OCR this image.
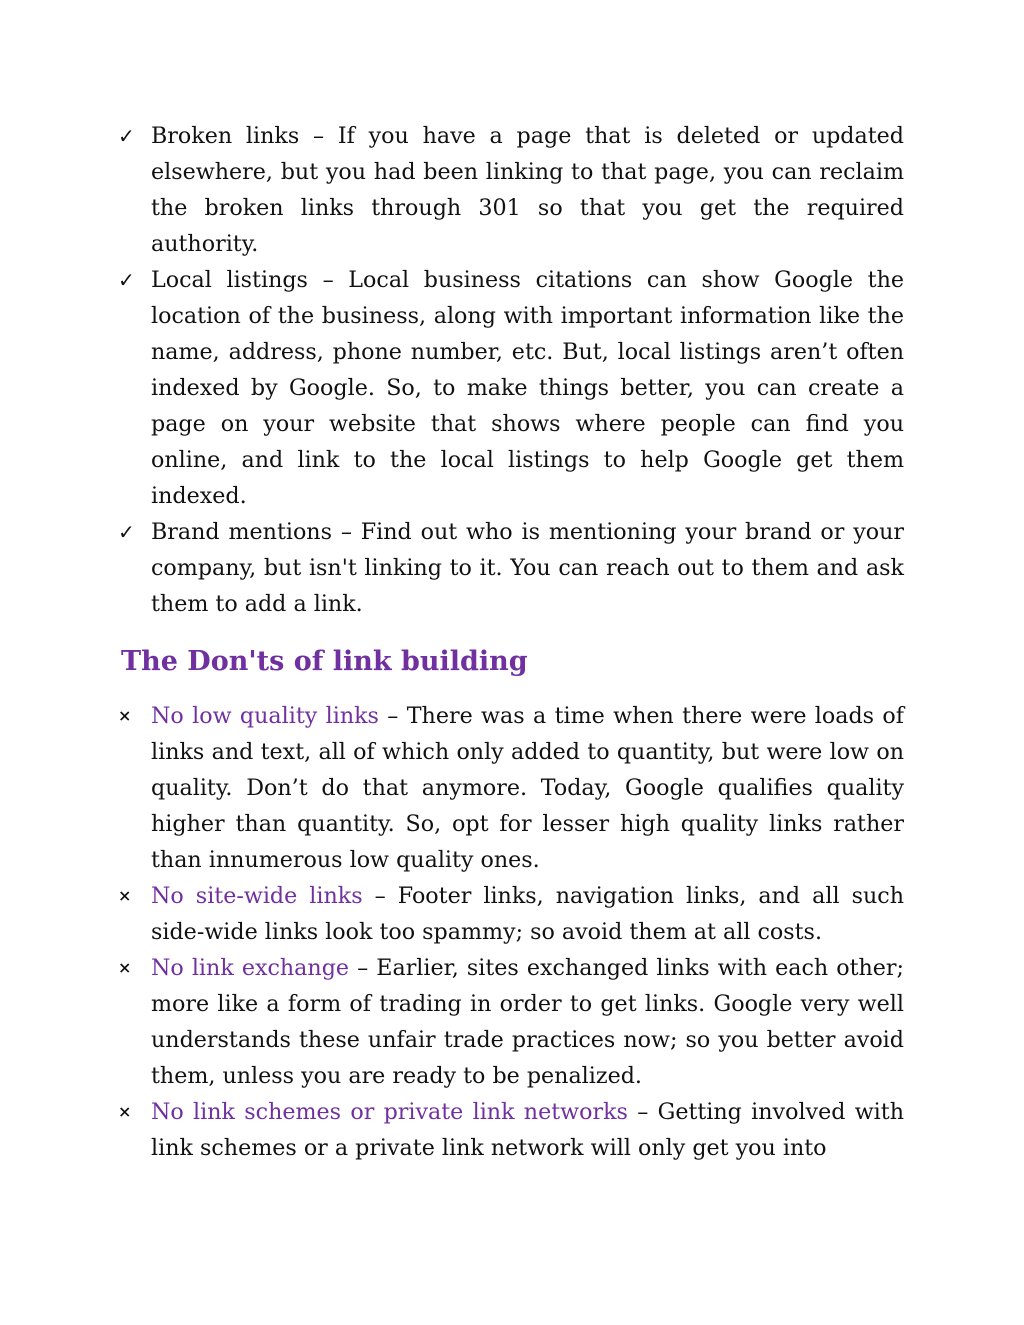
✓ Broken links – If you have a page that is deleted or updated elsewhere, but you had been linking to that page, you can reclaim the broken links through 301 so that you get the required authority.
✓ Local listings – Local business citations can show Google the location of the business, along with important information like the name, address, phone number, etc. But, local listings aren’t often indexed by Google. So, to make things better, you can create a page on your website that shows where people can find you online, and link to the local listings to help Google get them indexed.
✓ Brand mentions – Find out who is mentioning your brand or your company, but isn't linking to it. You can reach out to them and ask them to add a link.
The Don'ts of link building
× No low quality links – There was a time when there were loads of links and text, all of which only added to quantity, but were low on quality. Don’t do that anymore. Today, Google qualifies quality higher than quantity. So, opt for lesser high quality links rather than innumerous low quality ones.
× No site-wide links – Footer links, navigation links, and all such side-wide links look too spammy; so avoid them at all costs.
× No link exchange – Earlier, sites exchanged links with each other; more like a form of trading in order to get links. Google very well understands these unfair trade practices now; so you better avoid them, unless you are ready to be penalized.
× No link schemes or private link networks – Getting involved with link schemes or a private link network will only get you into
